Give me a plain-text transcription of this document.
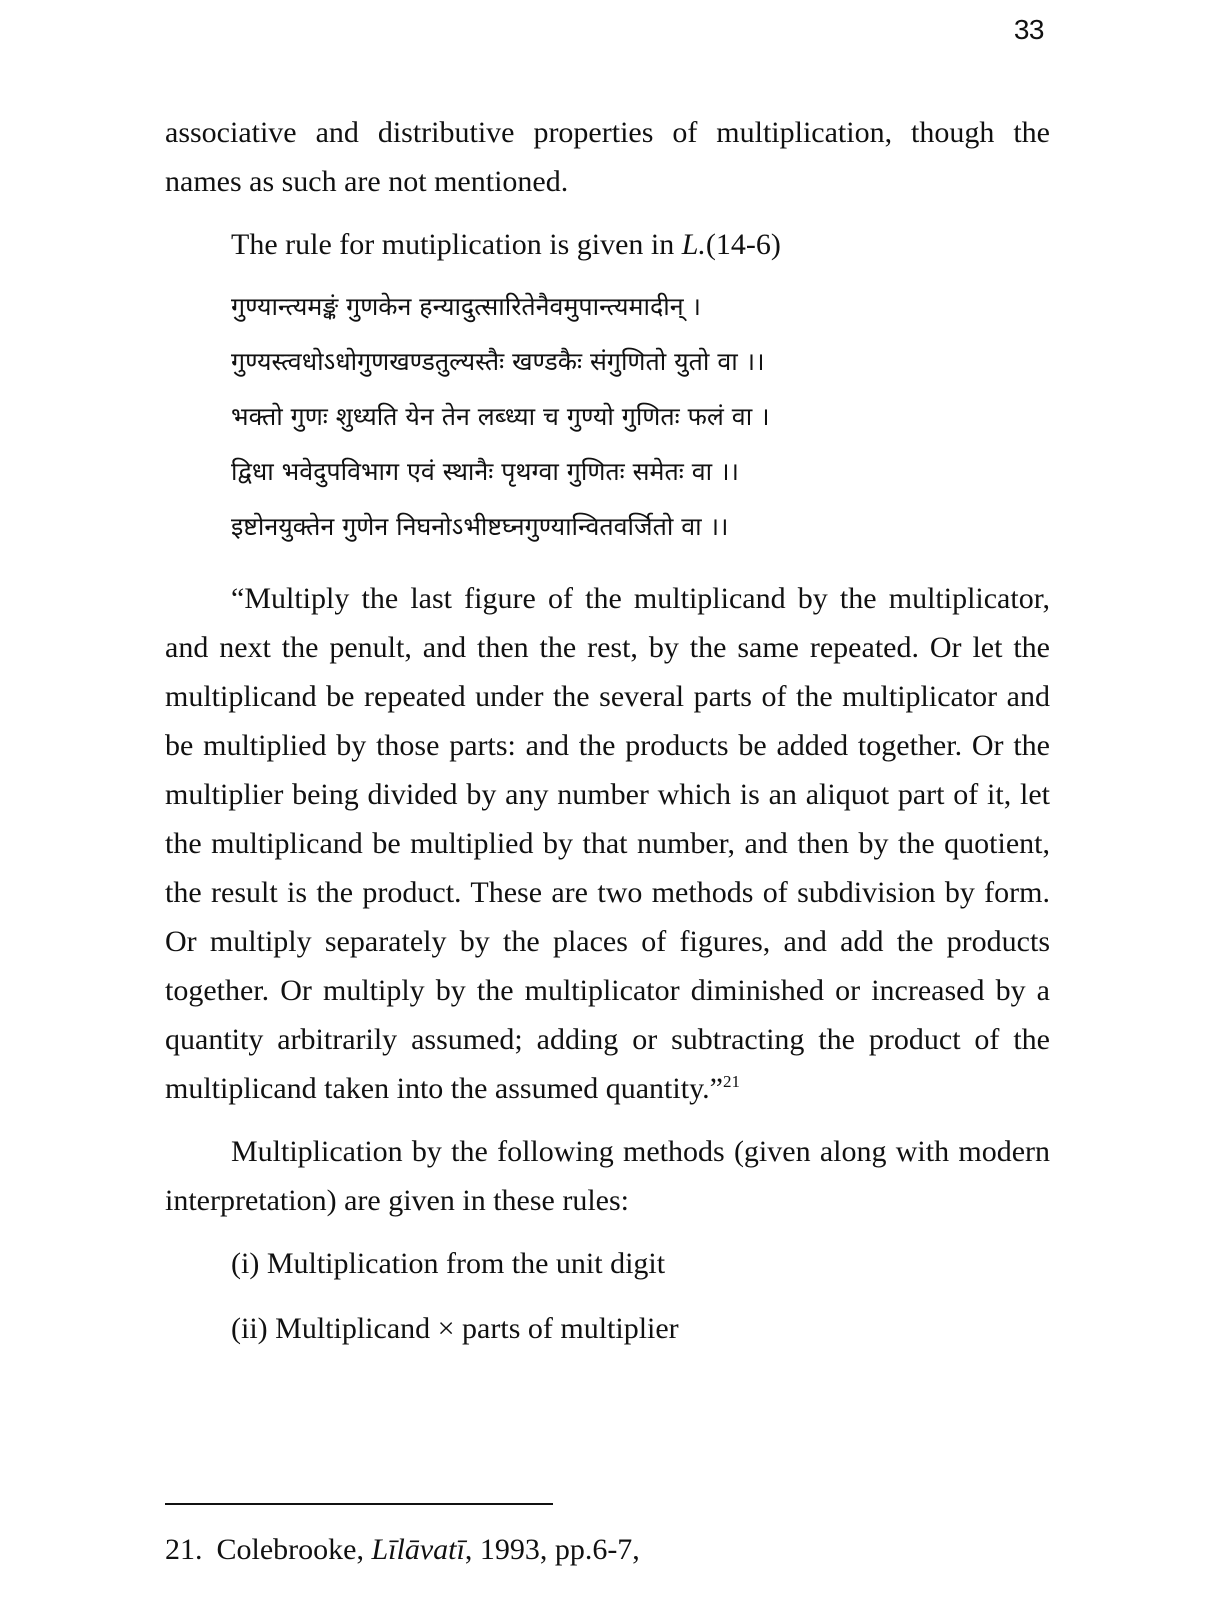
33

associative and distributive properties of multiplication, though the names as such are not mentioned.

The rule for mutiplication is given in L.(14-6)

गुण्यान्त्यमङ्कं गुणकेन हन्यादुत्सारितेनैवमुपान्त्यमादीन् ।
गुण्यस्त्वधोऽधोगुणखण्डतुल्यस्तैः खण्डकैः संगुणितो युतो वा ।।
भक्तो गुणः शुध्यति येन तेन लब्ध्या च गुण्यो गुणितः फलं वा ।
द्विधा भवेदुपविभाग एवं स्थानैः पृथग्वा गुणितः समेतः वा ।।
इष्टोनयुक्तेन गुणेन निघनोऽभीष्टघ्नगुण्यान्वितवर्जितो वा ।।

“Multiply the last figure of the multiplicand by the multiplicator, and next the penult, and then the rest, by the same repeated. Or let the multiplicand be repeated under the several parts of the multiplicator and be multiplied by those parts: and the products be added together. Or the multiplier being divided by any number which is an aliquot part of it, let the multiplicand be multiplied by that number, and then by the quotient, the result is the product. These are two methods of subdivision by form. Or multiply separately by the places of figures, and add the products together. Or multiply by the multiplicator diminished or increased by a quantity arbitrarily assumed; adding or subtracting the product of the multiplicand taken into the assumed quantity.”$^{21}$

Multiplication by the following methods (given along with modern interpretation) are given in these rules:

(i) Multiplication from the unit digit

(ii) Multiplicand × parts of multiplier

21. Colebrooke, Līlāvatī, 1993, pp.6-7,
